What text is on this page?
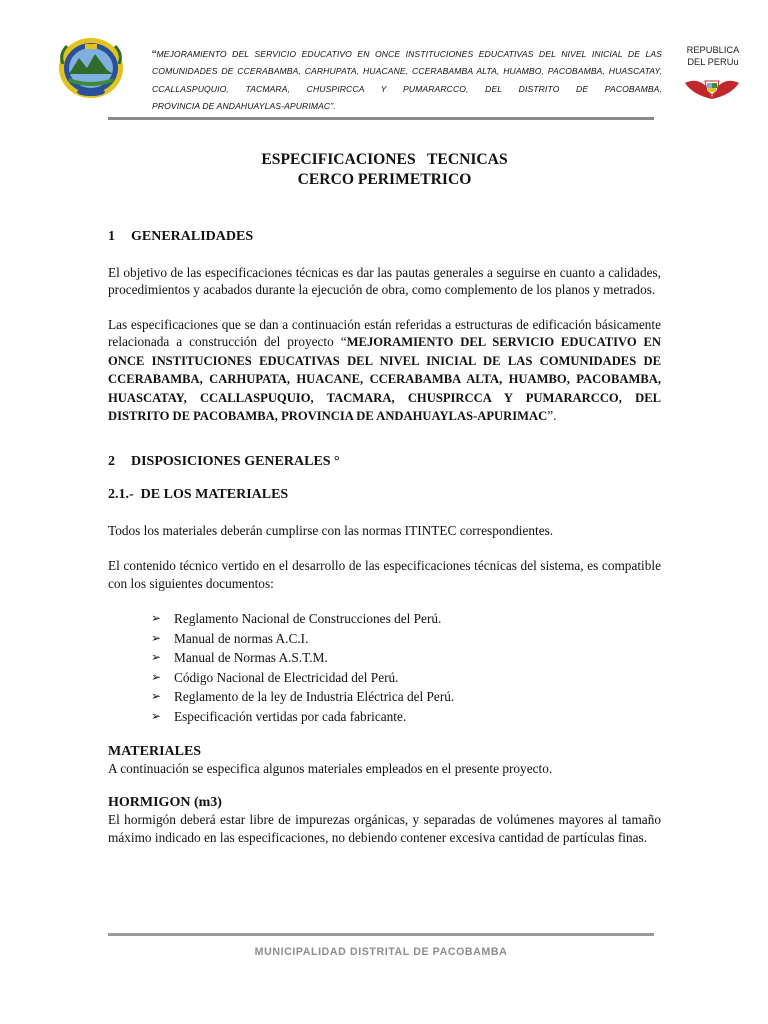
“MEJORAMIENTO DEL SERVICIO EDUCATIVO EN ONCE INSTITUCIONES EDUCATIVAS DEL NIVEL INICIAL DE LAS COMUNIDADES DE CCERABAMBA, CARHUPATA, HUACANE, CCERABAMBA ALTA, HUAMBO, PACOBAMBA, HUASCATAY, CCALLASPUQUIO, TACMARA, CHUSPIRCCA Y PUMARARCCO, DEL DISTRITO DE PACOBAMBA,
PROVINCIA DE ANDAHUAYLAS-APURIMAC”.
REPUBLICA
DEL PERUu
ESPECIFICACIONES   TECNICAS
CERCO PERIMETRICO
1 GENERALIDADES

El objetivo de las especificaciones técnicas es dar las pautas generales a seguirse en cuanto a calidades, procedimientos y acabados durante la ejecución de obra, como complemento de los planos y metrados.

Las especificaciones que se dan a continuación están referidas a estructuras de edificación básicamente relacionada a construcción del proyecto “MEJORAMIENTO DEL SERVICIO EDUCATIVO EN ONCE INSTITUCIONES EDUCATIVAS DEL NIVEL INICIAL DE LAS COMUNIDADES DE CCERABAMBA, CARHUPATA, HUACANE, CCERABAMBA ALTA, HUAMBO, PACOBAMBA, HUASCATAY, CCALLASPUQUIO, TACMARA, CHUSPIRCCA Y PUMARARCCO, DEL DISTRITO DE PACOBAMBA, PROVINCIA DE ANDAHUAYLAS-APURIMAC”.

2 DISPOSICIONES GENERALES °
2.1.-  DE LOS MATERIALES

Todos los materiales deberán cumplirse con las normas ITINTEC correspondientes.

El contenido técnico vertido en el desarrollo de las especificaciones técnicas del sistema, es compatible con los siguientes documentos:

➢ Reglamento Nacional de Construcciones del Perú.
➢ Manual de normas A.C.I.
➢ Manual de Normas A.S.T.M.
➢ Código Nacional de Electricidad del Perú.
➢ Reglamento de la ley de Industria Eléctrica del Perú.
➢ Especificación vertidas por cada fabricante.
MATERIALES

A continuación se especifica algunos materiales empleados en el presente proyecto.

HORMIGON (m3)

El hormigón deberá estar libre de impurezas orgánicas, y separadas de volúmenes mayores al tamaño máximo indicado en las especificaciones, no debiendo contener excesiva cantidad de partículas finas.

MUNICIPALIDAD DISTRITAL DE PACOBAMBA
